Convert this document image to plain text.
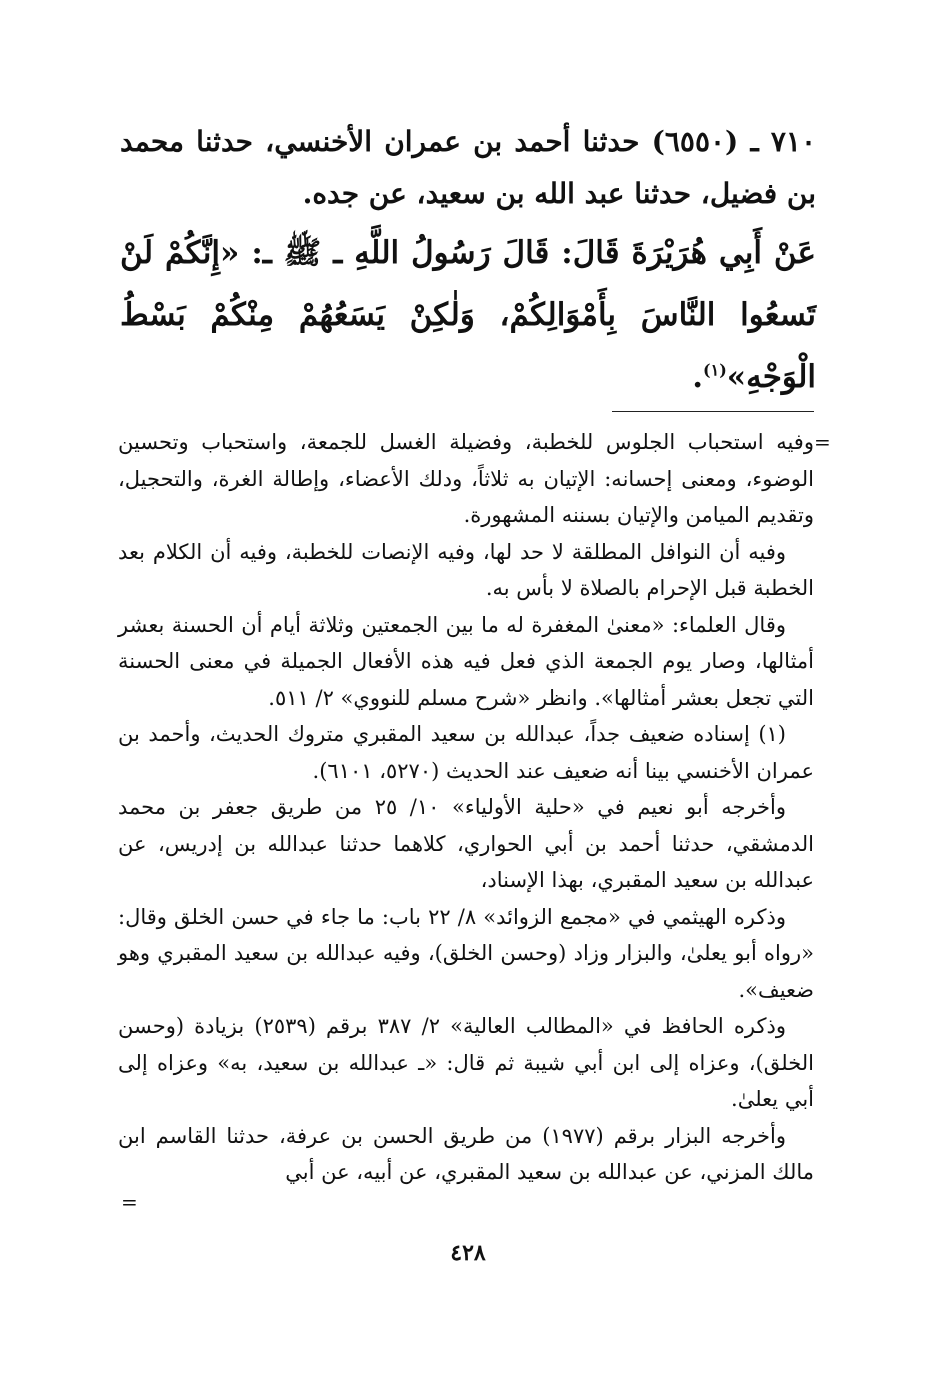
٧١٠ ـ (٦٥٥٠) حدثنا أحمد بن عمران الأخنسي، حدثنا محمد بن فضيل، حدثنا عبد الله بن سعيد، عن جده.
عَنْ أَبِي هُرَيْرَةَ قَالَ: قَالَ رَسُولُ اللَّهِ ـ ﷺ ـ: «إِنَّكُمْ لَنْ تَسعُوا النَّاسَ بِأَمْوَالِكُمْ، وَلٰكِنْ يَسَعُهُمْ مِنْكُمْ بَسْطُ الْوَجْهِ»$^{(١)}$.
=

وفيه استحباب الجلوس للخطبة، وفضيلة الغسل للجمعة، واستحباب وتحسين الوضوء، ومعنى إحسانه: الإتيان به ثلاثاً، ودلك الأعضاء، وإطالة الغرة، والتحجيل، وتقديم الميامن والإتيان بسننه المشهورة.

وفيه أن النوافل المطلقة لا حد لها، وفيه الإنصات للخطبة، وفيه أن الكلام بعد الخطبة قبل الإحرام بالصلاة لا بأس به.

وقال العلماء: «معنىٰ المغفرة له ما بين الجمعتين وثلاثة أيام أن الحسنة بعشر أمثالها، وصار يوم الجمعة الذي فعل فيه هذه الأفعال الجميلة في معنى الحسنة التي تجعل بعشر أمثالها». وانظر «شرح مسلم للنووي» ٢/ ٥١١.

(١) إسناده ضعيف جداً، عبدالله بن سعيد المقبري متروك الحديث، وأحمد بن عمران الأخنسي بينا أنه ضعيف عند الحديث (٥٢٧٠، ٦١٠١).

وأخرجه أبو نعيم في «حلية الأولياء» ١٠/ ٢٥ من طريق جعفر بن محمد الدمشقي، حدثنا أحمد بن أبي الحواري، كلاهما حدثنا عبدالله بن إدريس، عن عبدالله بن سعيد المقبري، بهذا الإسناد،

وذكره الهيثمي في «مجمع الزوائد» ٨/ ٢٢ باب: ما جاء في حسن الخلق وقال: «رواه أبو يعلىٰ، والبزار وزاد (وحسن الخلق)، وفيه عبدالله بن سعيد المقبري وهو ضعيف».

وذكره الحافظ في «المطالب العالية» ٢/ ٣٨٧ برقم (٢٥٣٩) بزيادة (وحسن الخلق)، وعزاه إلى ابن أبي شيبة ثم قال: «ـ عبدالله بن سعيد، به» وعزاه إلى أبي يعلىٰ.

وأخرجه البزار برقم (١٩٧٧) من طريق الحسن بن عرفة، حدثنا القاسم ابن مالك المزني، عن عبدالله بن سعيد المقبري، عن أبيه، عن أبي

=
٤٢٨
